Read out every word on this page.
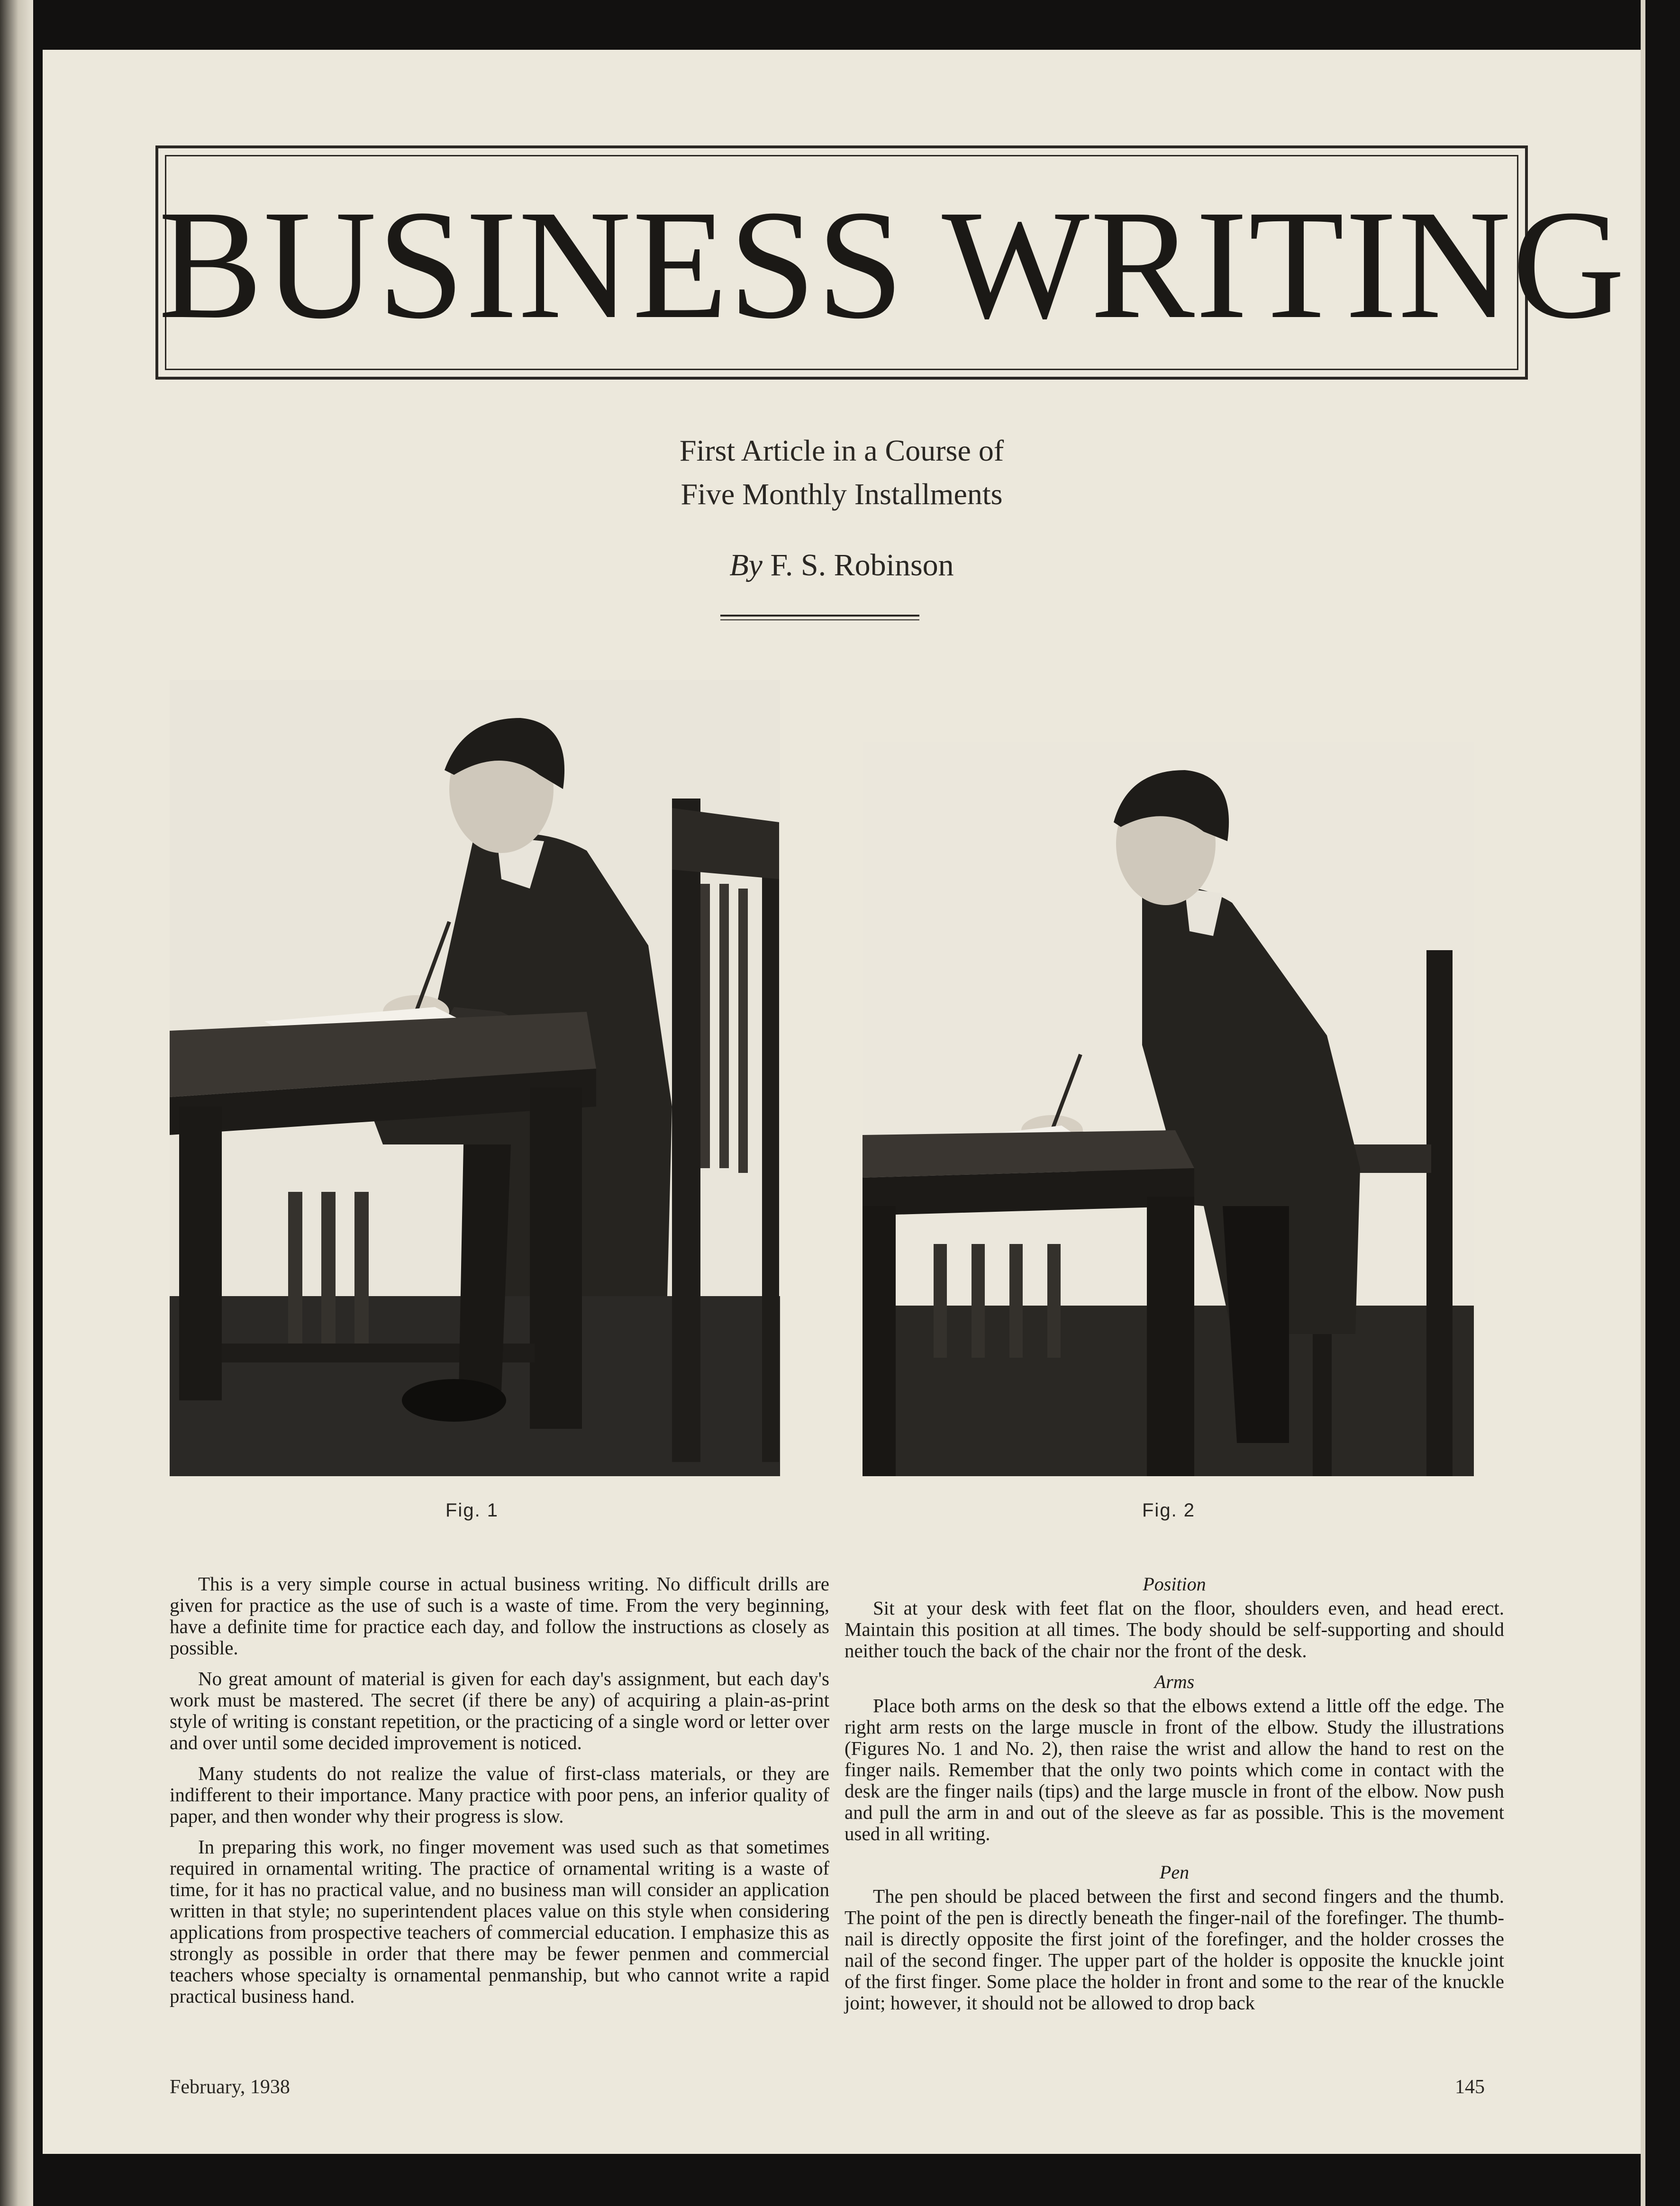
BUSINESS WRITING
First Article in a Course of
Five Monthly Installments
By F. S. Robinson
Fig. 1	Fig. 2

This is a very simple course in actual business writing. No difficult drills are given for practice as the use of such is a waste of time. From the very beginning, have a definite time for practice each day, and follow the instructions as closely as possible.

No great amount of material is given for each day's assignment, but each day's work must be mastered. The secret (if there be any) of acquiring a plain-as-print style of writing is constant repetition, or the practicing of a single word or letter over and over until some decided improvement is noticed.

Many students do not realize the value of first-class materials, or they are indifferent to their importance. Many practice with poor pens, an inferior quality of paper, and then wonder why their progress is slow.

In preparing this work, no finger movement was used such as that sometimes required in ornamental writing. The practice of ornamental writing is a waste of time, for it has no practical value, and no business man will consider an application written in that style; no superintendent places value on this style when considering applications from prospective teachers of commercial education. I emphasize this as strongly as possible in order that there may be fewer penmen and commercial teachers whose specialty is ornamental penmanship, but who cannot write a rapid practical business hand.

Position

Sit at your desk with feet flat on the floor, shoulders even, and head erect. Maintain this position at all times. The body should be self-supporting and should neither touch the back of the chair nor the front of the desk.

Arms

Place both arms on the desk so that the elbows extend a little off the edge. The right arm rests on the large muscle in front of the elbow. Study the illustrations (Figures No. 1 and No. 2), then raise the wrist and allow the hand to rest on the finger nails. Remember that the only two points which come in contact with the desk are the finger nails (tips) and the large muscle in front of the elbow. Now push and pull the arm in and out of the sleeve as far as possible. This is the movement used in all writing.

Pen

The pen should be placed between the first and second fingers and the thumb. The point of the pen is directly beneath the finger-nail of the forefinger. The thumb-nail is directly opposite the first joint of the forefinger, and the holder crosses the nail of the second finger. The upper part of the holder is opposite the knuckle joint of the first finger. Some place the holder in front and some to the rear of the knuckle joint; however, it should not be allowed to drop back

February, 1938	145
